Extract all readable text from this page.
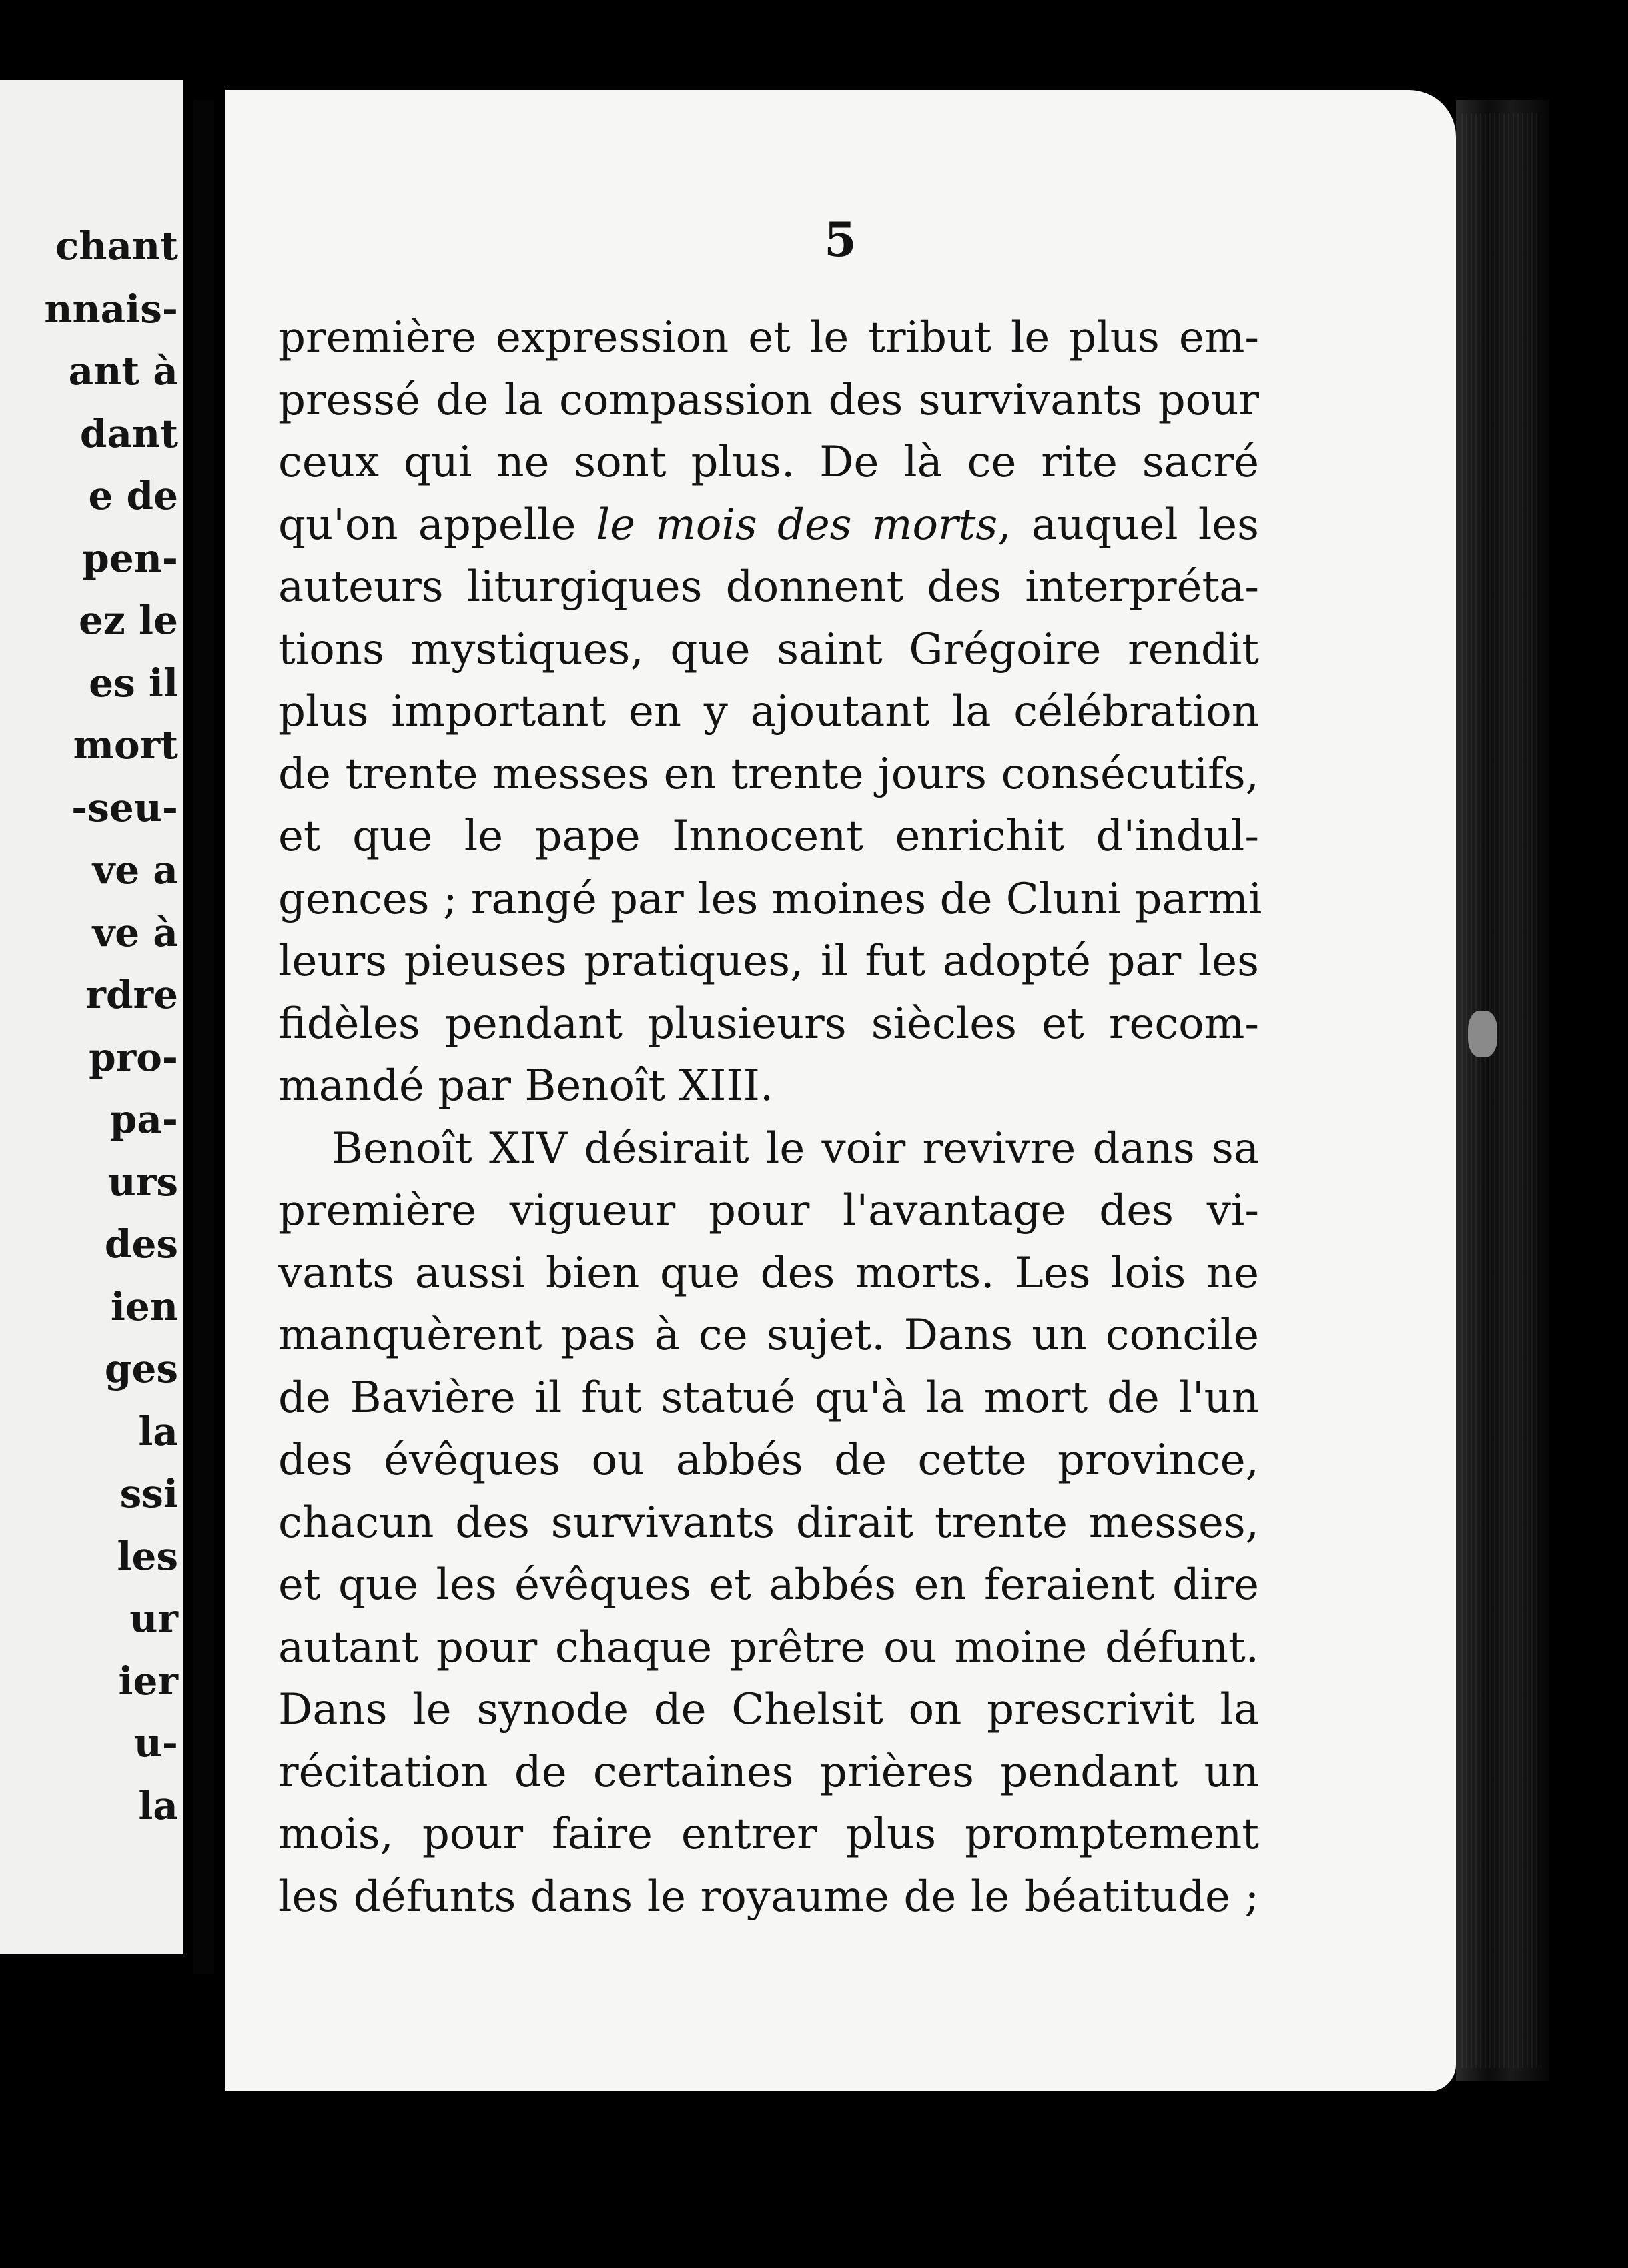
chant
nnais-
ant à
dant
e de
pen-
ez le
es il
mort
-seu-
ve a
ve à
rdre
pro-
pa-
urs
des
ien
ges
la
ssi
les
ur
ier
u-
la
5
première expression et le tribut le plus em-
pressé de la compassion des survivants pour
ceux qui ne sont plus. De là ce rite sacré
qu'on appelle le mois des morts, auquel les
auteurs liturgiques donnent des interpréta-
tions mystiques, que saint Grégoire rendit
plus important en y ajoutant la célébration
de trente messes en trente jours consécutifs,
et que le pape Innocent enrichit d'indul-
gences ; rangé par les moines de Cluni parmi
leurs pieuses pratiques, il fut adopté par les
fidèles pendant plusieurs siècles et recom-
mandé par Benoît XIII.
Benoît XIV désirait le voir revivre dans sa
première vigueur pour l'avantage des vi-
vants aussi bien que des morts. Les lois ne
manquèrent pas à ce sujet. Dans un concile
de Bavière il fut statué qu'à la mort de l'un
des évêques ou abbés de cette province,
chacun des survivants dirait trente messes,
et que les évêques et abbés en feraient dire
autant pour chaque prêtre ou moine défunt.
Dans le synode de Chelsit on prescrivit la
récitation de certaines prières pendant un
mois, pour faire entrer plus promptement
les défunts dans le royaume de le béatitude ;
